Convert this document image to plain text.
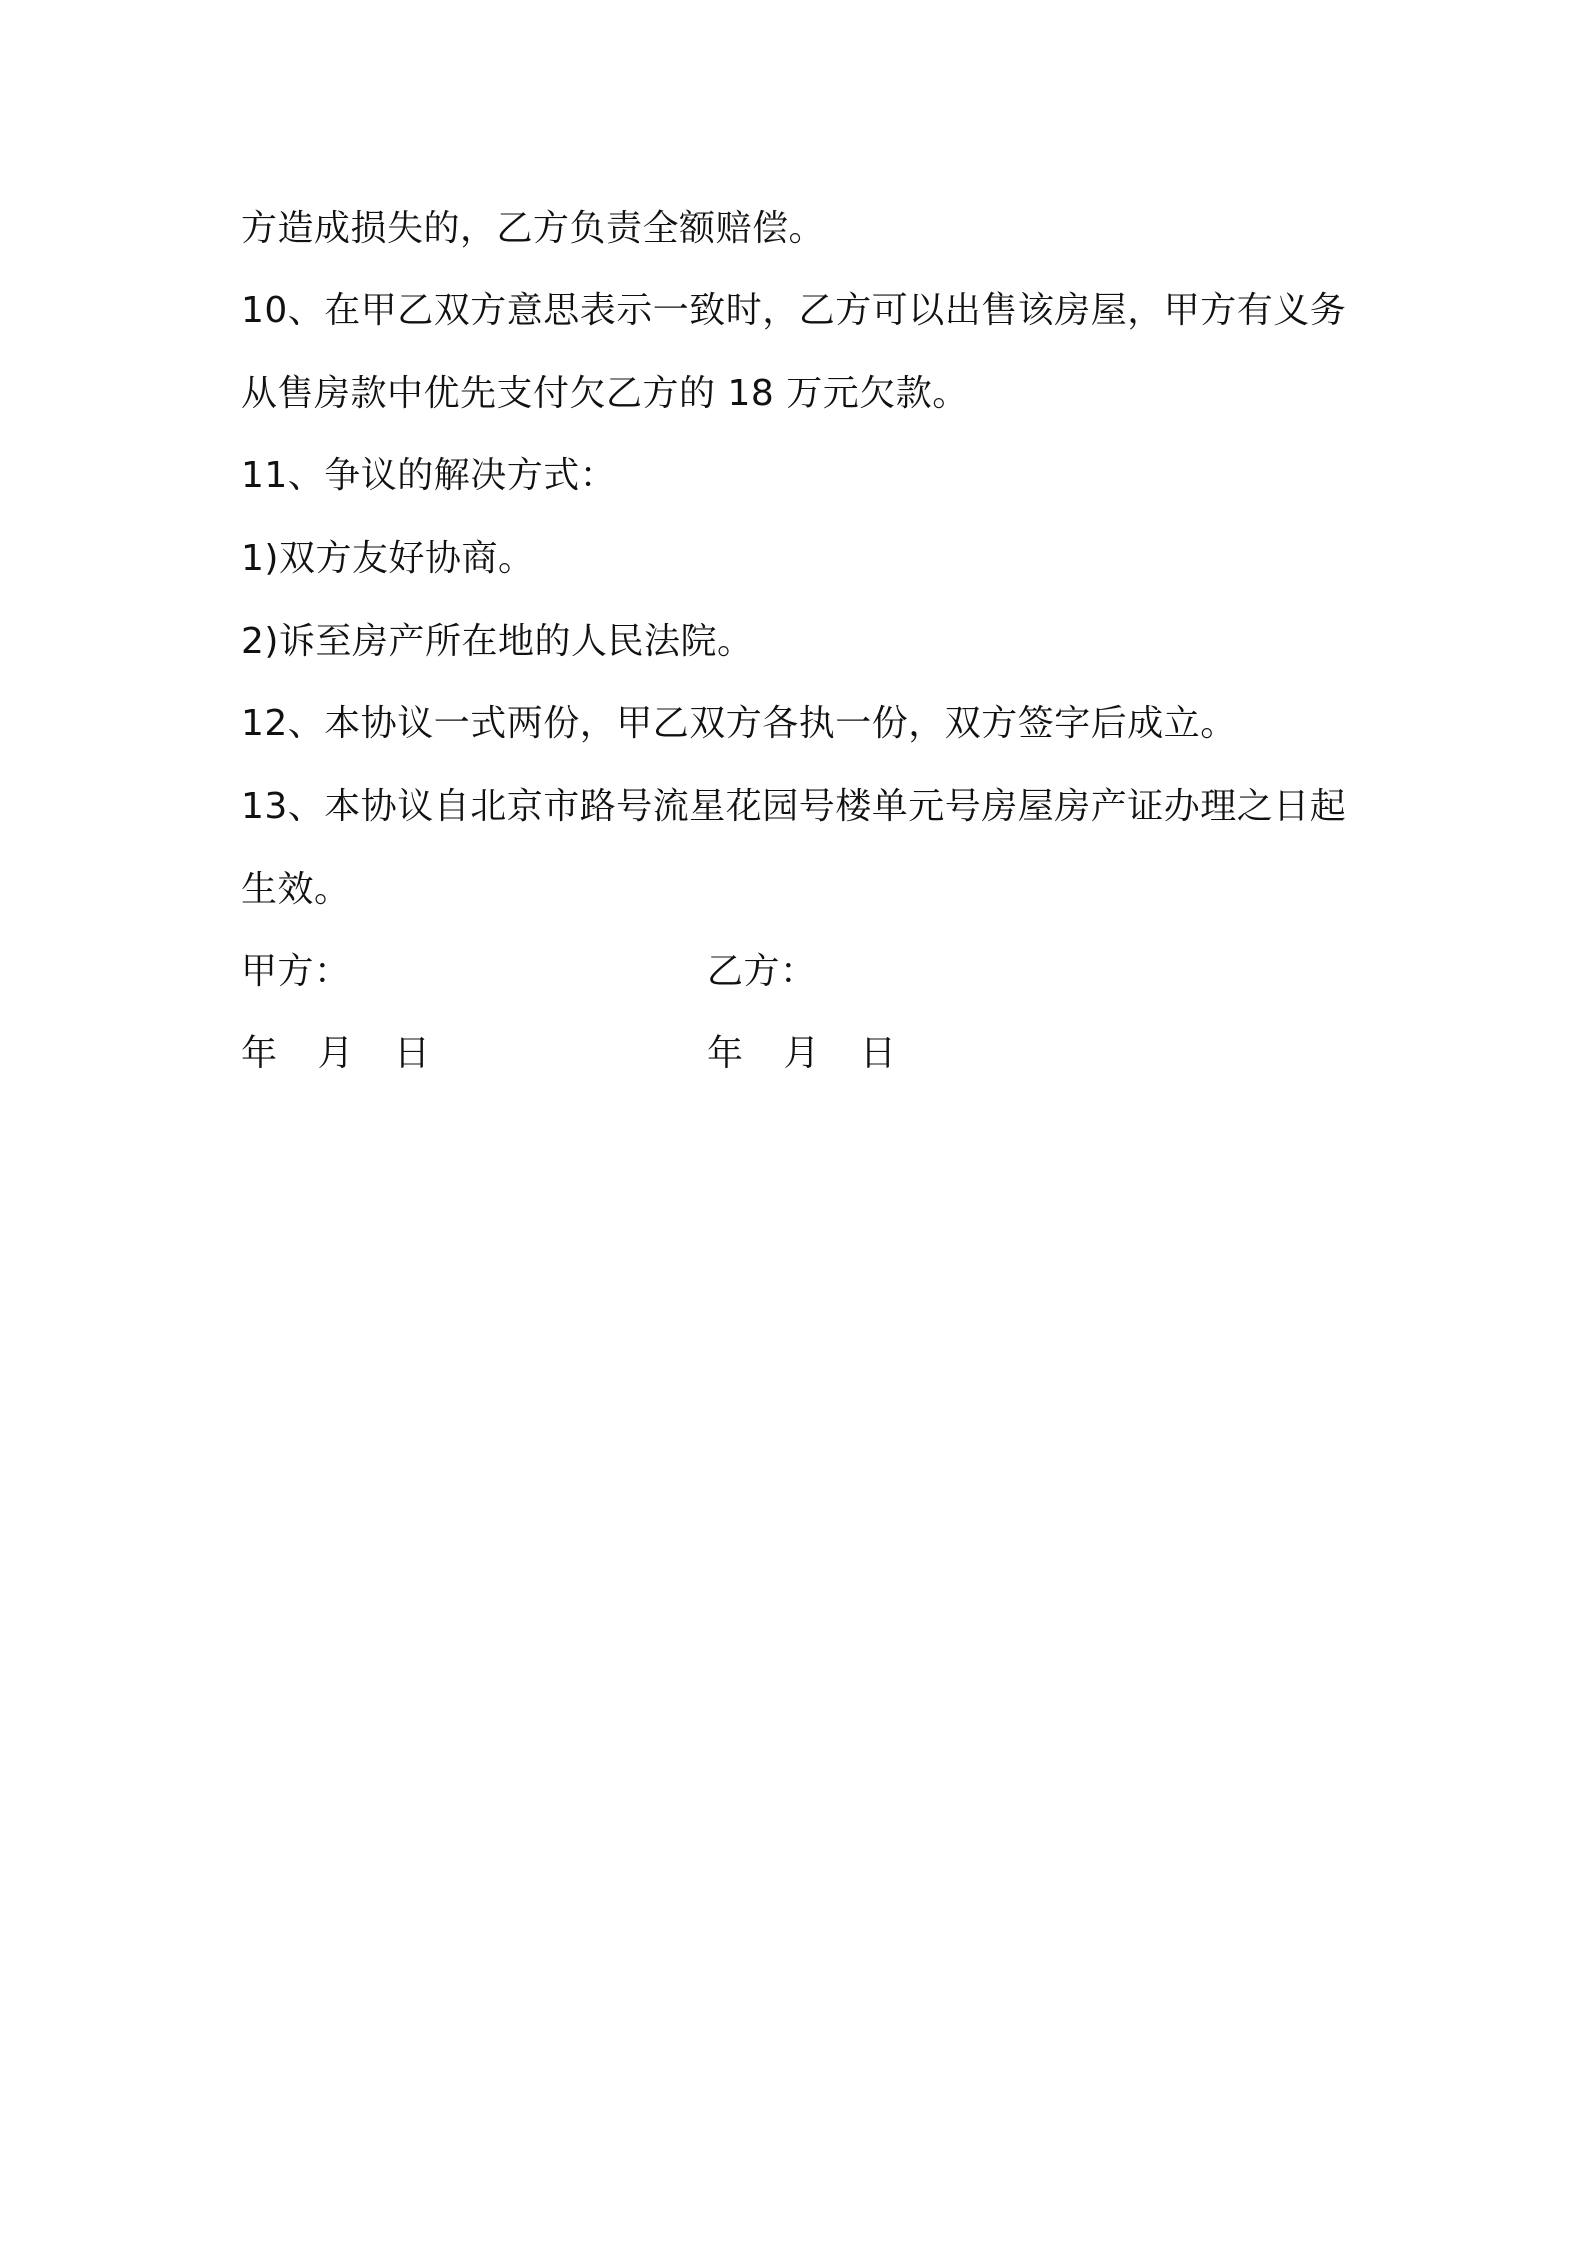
方造成损失的，乙方负责全额赔偿。
10、在甲乙双方意思表示一致时，乙方可以出售该房屋，甲方有义务
从售房款中优先支付欠乙方的 18 万元欠款。
11、争议的解决方式：
1)双方友好协商。
2)诉至房产所在地的人民法院。
12、本协议一式两份，甲乙双方各执一份，双方签字后成立。
13、本协议自北京市路号流星花园号楼单元号房屋房产证办理之日起
生效。
甲方：	乙方：
年 月 日	年 月 日
